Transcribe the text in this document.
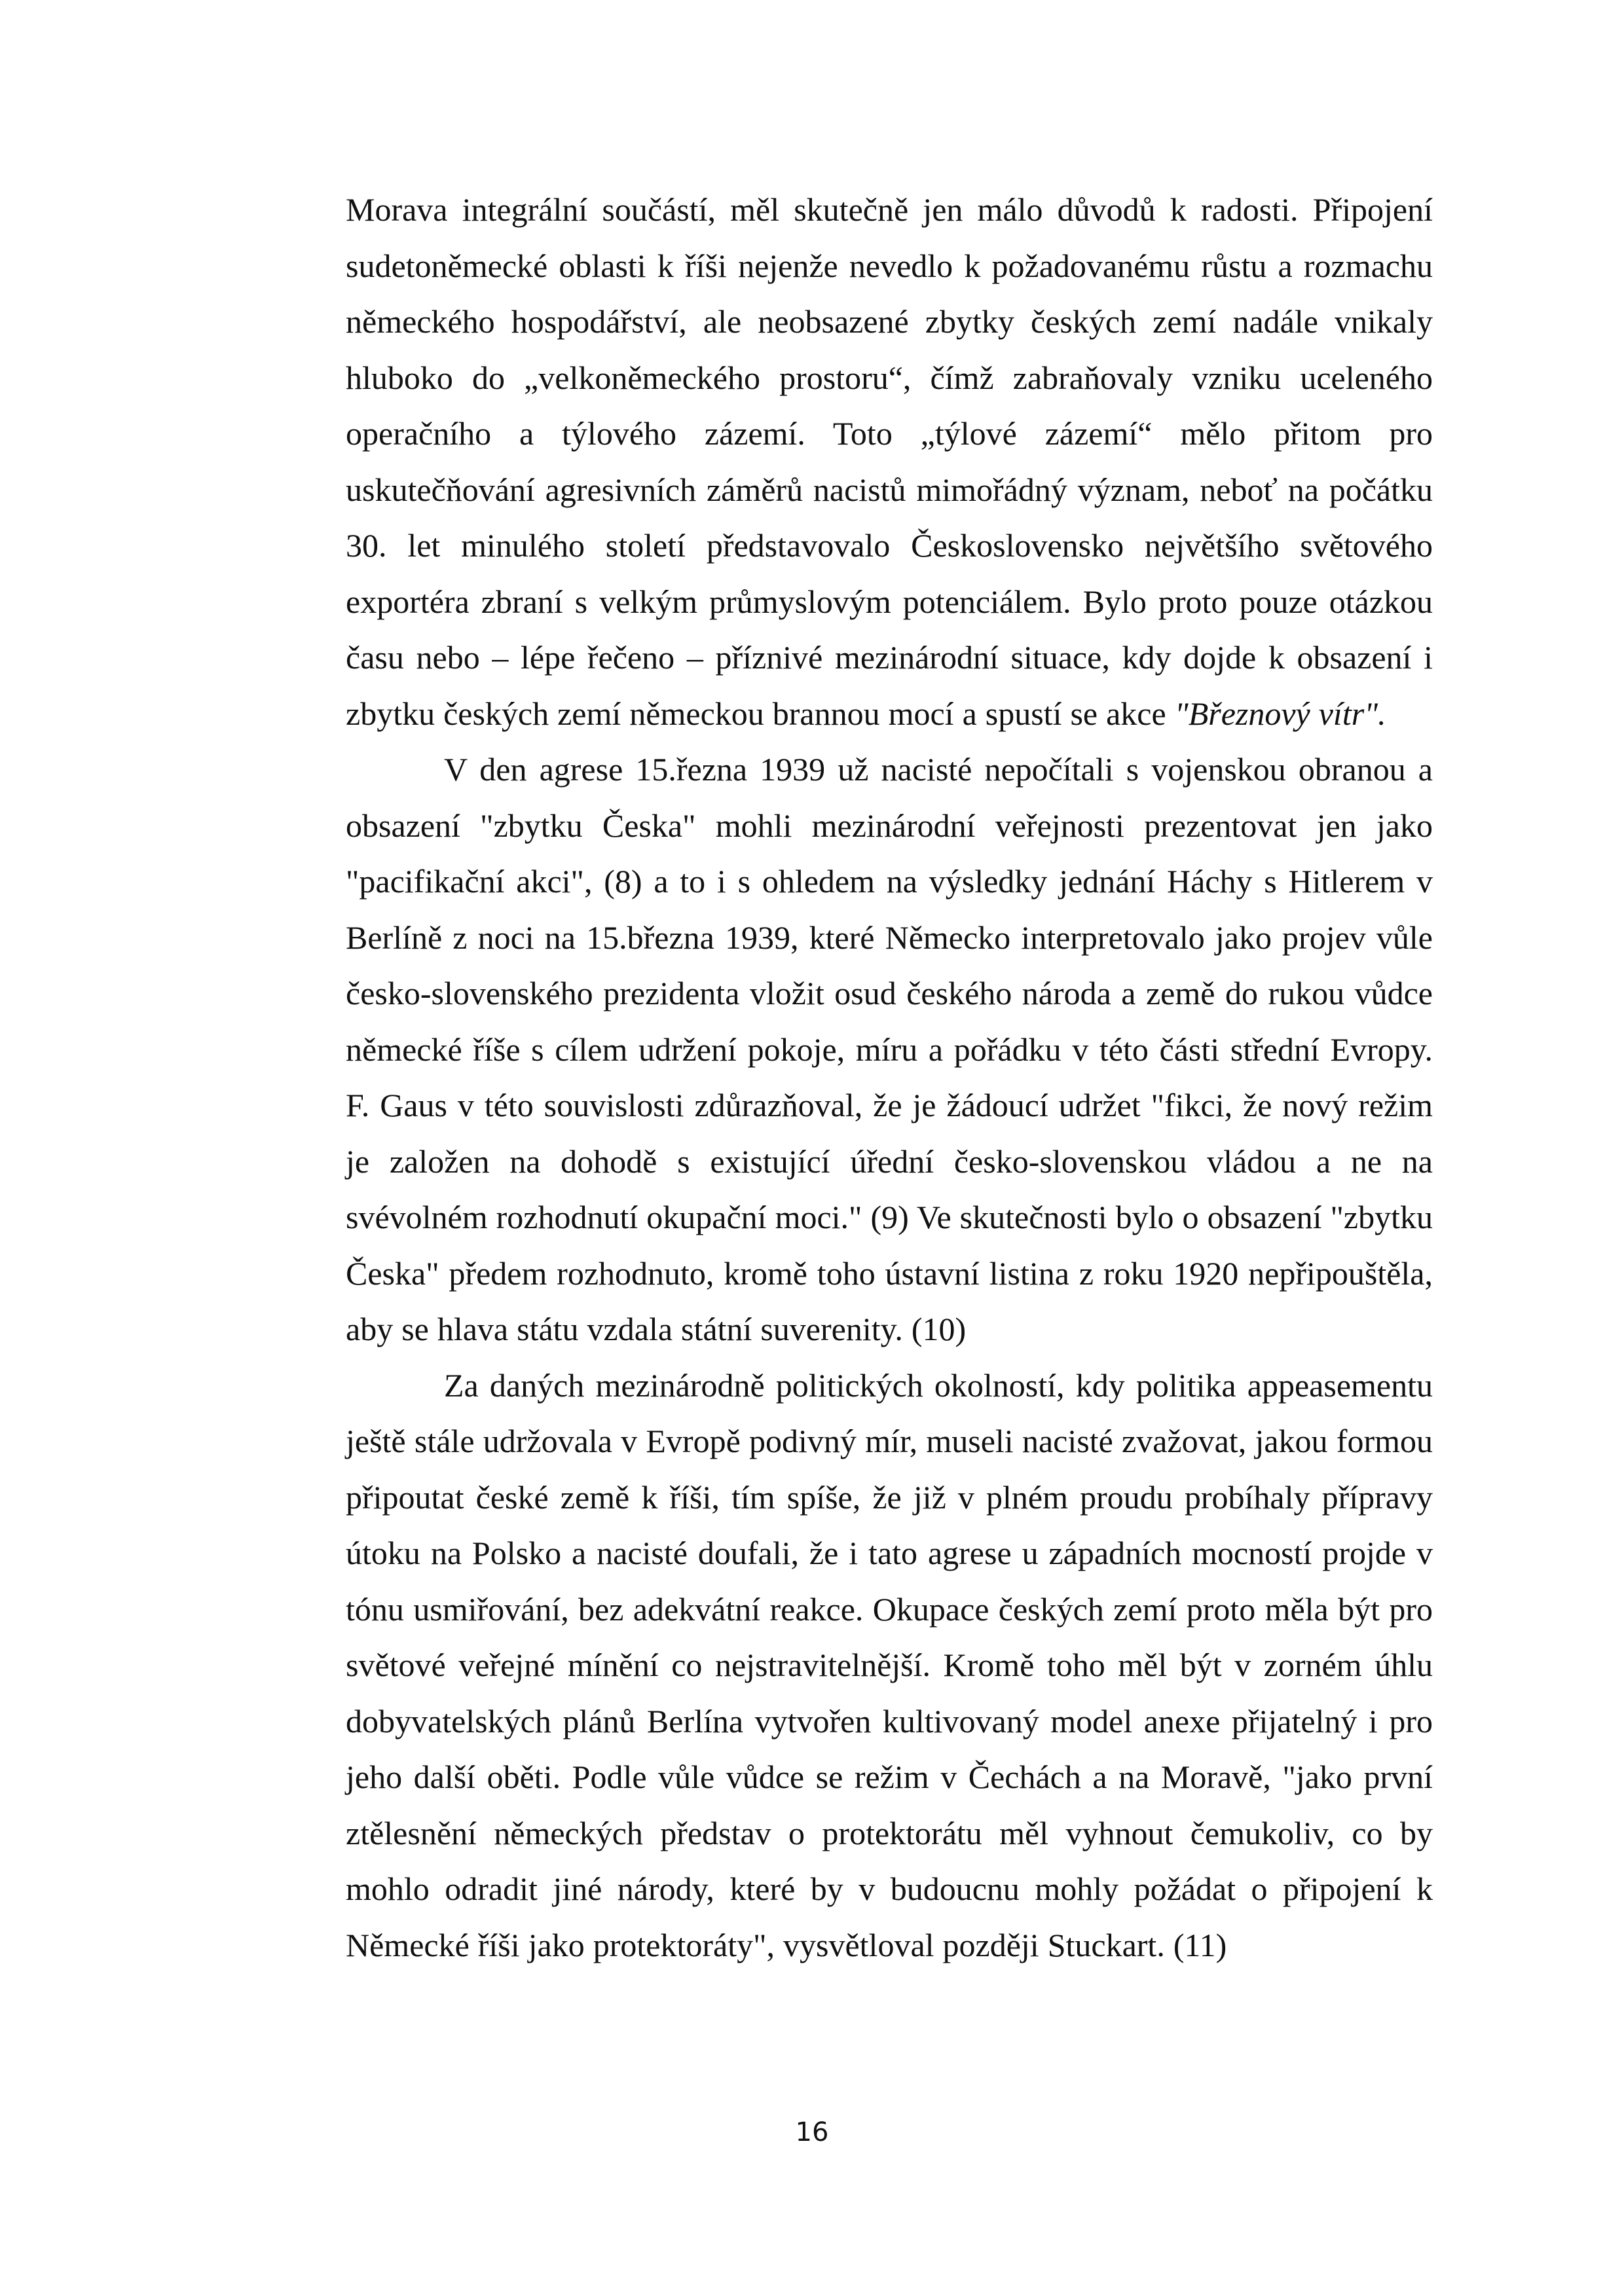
Morava integrální součástí, měl skutečně jen málo důvodů k radosti. Připojení sudetoněmecké oblasti k říši nejenže nevedlo k požadovanému růstu a rozmachu německého hospodářství, ale neobsazené zbytky českých zemí nadále vnikaly hluboko do „velkoněmeckého prostoru“, čímž zabraňovaly vzniku uceleného operačního a týlového zázemí. Toto „týlové zázemí“ mělo přitom pro uskutečňování agresivních záměrů nacistů mimořádný význam, neboť na počátku 30. let minulého století představovalo Československo největšího světového exportéra zbraní s velkým průmyslovým potenciálem. Bylo proto pouze otázkou času nebo – lépe řečeno – příznivé mezinárodní situace, kdy dojde k obsazení i zbytku českých zemí německou brannou mocí a spustí se akce "Březnový vítr".

V den agrese 15.řezna 1939 už nacisté nepočítali s vojenskou obranou a obsazení "zbytku Česka" mohli mezinárodní veřejnosti prezentovat jen jako "pacifikační akci", (8) a to i s ohledem na výsledky jednání Háchy s Hitlerem v Berlíně z noci na 15.března 1939, které Německo interpretovalo jako projev vůle česko-slovenského prezidenta vložit osud českého národa a země do rukou vůdce německé říše s cílem udržení pokoje, míru a pořádku v této části střední Evropy. F. Gaus v této souvislosti zdůrazňoval, že je žádoucí udržet "fikci, že nový režim je založen na dohodě s existující úřední česko-slovenskou vládou a ne na svévolném rozhodnutí okupační moci." (9) Ve skutečnosti bylo o obsazení "zbytku Česka" předem rozhodnuto, kromě toho ústavní listina z roku 1920 nepřipouštěla, aby se hlava státu vzdala státní suverenity. (10)

Za daných mezinárodně politických okolností, kdy politika appeasementu ještě stále udržovala v Evropě podivný mír, museli nacisté zvažovat, jakou formou připoutat české země k říši, tím spíše, že již v plném proudu probíhaly přípravy útoku na Polsko a nacisté doufali, že i tato agrese u západních mocností projde v tónu usmiřování, bez adekvátní reakce. Okupace českých zemí proto měla být pro světové veřejné mínění co nejstravitelnější. Kromě toho měl být v zorném úhlu dobyvatelských plánů Berlína vytvořen kultivovaný model anexe přijatelný i pro jeho další oběti. Podle vůle vůdce se režim v Čechách a na Moravě, "jako první ztělesnění německých představ o protektorátu měl vyhnout čemukoliv, co by mohlo odradit jiné národy, které by v budoucnu mohly požádat o připojení k Německé říši jako protektoráty", vysvětloval později Stuckart. (11)

16
